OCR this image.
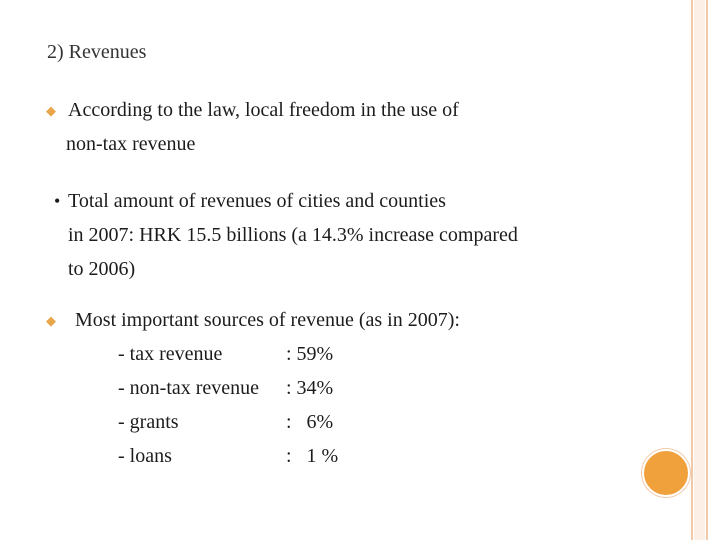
2) Revenues
◆ According to the law, local freedom in the use of

non-tax revenue
• Total amount of revenues of cities and counties
in 2007: HRK 15.5 billions (a 14.3% increase compared
to 2006)
◆ Most important sources of revenue (as in 2007):
- tax revenue	: 59%
- non-tax revenue	: 34%
- grants	:   6%
- loans	:   1 %
